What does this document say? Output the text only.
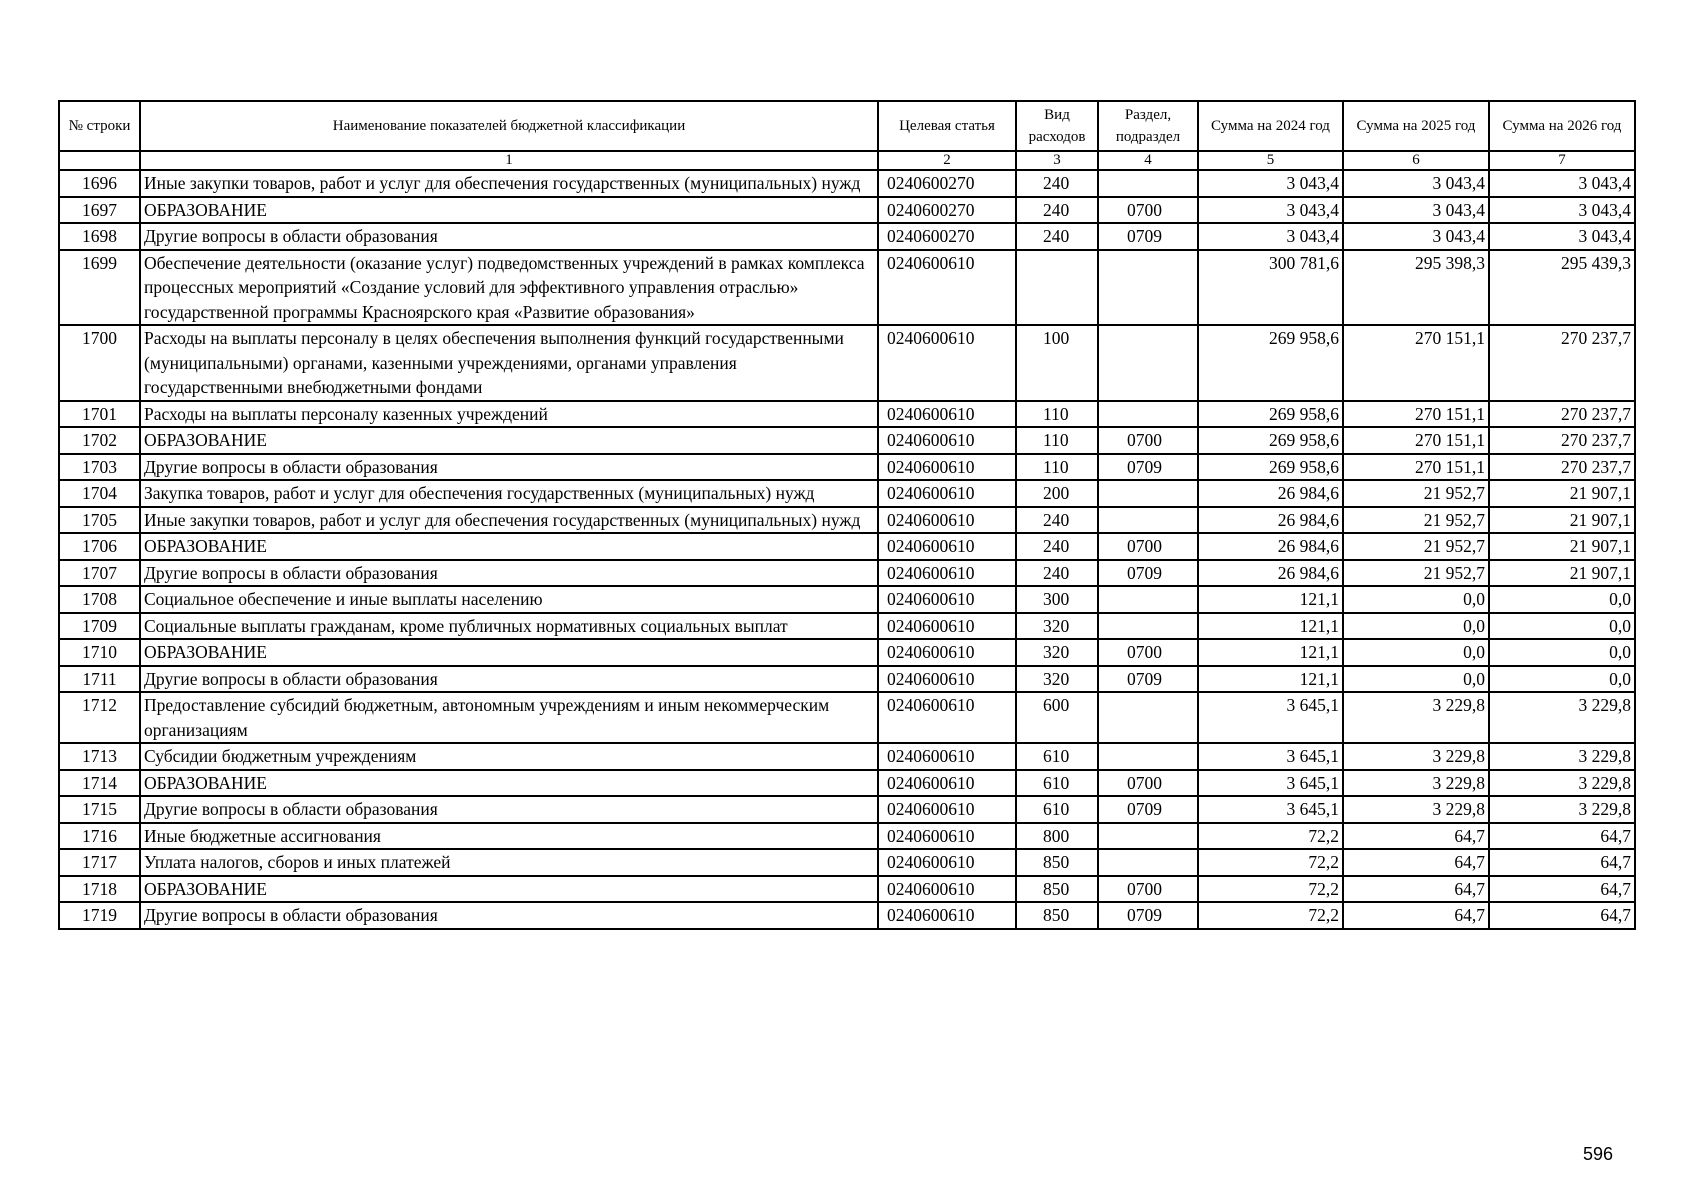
№ строки	Наименование показателей бюджетной классификации	Целевая статья	Вид расходов	Раздел, подраздел	Сумма на 2024 год	Сумма на 2025 год	Сумма на 2026 год
	1	2	3	4	5	6	7
1696	Иные закупки товаров, работ и услуг для обеспечения государственных (муниципальных) нужд	0240600270	240		3 043,4	3 043,4	3 043,4
1697	ОБРАЗОВАНИЕ	0240600270	240	0700	3 043,4	3 043,4	3 043,4
1698	Другие вопросы в области образования	0240600270	240	0709	3 043,4	3 043,4	3 043,4
1699	Обеспечение деятельности (оказание услуг) подведомственных учреждений в рамках комплекса процессных мероприятий «Создание условий для эффективного управления отраслью» государственной программы Красноярского края «Развитие образования»	0240600610			300 781,6	295 398,3	295 439,3
1700	Расходы на выплаты персоналу в целях обеспечения выполнения функций государственными (муниципальными) органами, казенными учреждениями, органами управления государственными внебюджетными фондами	0240600610	100		269 958,6	270 151,1	270 237,7
1701	Расходы на выплаты персоналу казенных учреждений	0240600610	110		269 958,6	270 151,1	270 237,7
1702	ОБРАЗОВАНИЕ	0240600610	110	0700	269 958,6	270 151,1	270 237,7
1703	Другие вопросы в области образования	0240600610	110	0709	269 958,6	270 151,1	270 237,7
1704	Закупка товаров, работ и услуг для обеспечения государственных (муниципальных) нужд	0240600610	200		26 984,6	21 952,7	21 907,1
1705	Иные закупки товаров, работ и услуг для обеспечения государственных (муниципальных) нужд	0240600610	240		26 984,6	21 952,7	21 907,1
1706	ОБРАЗОВАНИЕ	0240600610	240	0700	26 984,6	21 952,7	21 907,1
1707	Другие вопросы в области образования	0240600610	240	0709	26 984,6	21 952,7	21 907,1
1708	Социальное обеспечение и иные выплаты населению	0240600610	300		121,1	0,0	0,0
1709	Социальные выплаты гражданам, кроме публичных нормативных социальных выплат	0240600610	320		121,1	0,0	0,0
1710	ОБРАЗОВАНИЕ	0240600610	320	0700	121,1	0,0	0,0
1711	Другие вопросы в области образования	0240600610	320	0709	121,1	0,0	0,0
1712	Предоставление субсидий бюджетным, автономным учреждениям и иным некоммерческим организациям	0240600610	600		3 645,1	3 229,8	3 229,8
1713	Субсидии бюджетным учреждениям	0240600610	610		3 645,1	3 229,8	3 229,8
1714	ОБРАЗОВАНИЕ	0240600610	610	0700	3 645,1	3 229,8	3 229,8
1715	Другие вопросы в области образования	0240600610	610	0709	3 645,1	3 229,8	3 229,8
1716	Иные бюджетные ассигнования	0240600610	800		72,2	64,7	64,7
1717	Уплата налогов, сборов и иных платежей	0240600610	850		72,2	64,7	64,7
1718	ОБРАЗОВАНИЕ	0240600610	850	0700	72,2	64,7	64,7
1719	Другие вопросы в области образования	0240600610	850	0709	72,2	64,7	64,7
596
